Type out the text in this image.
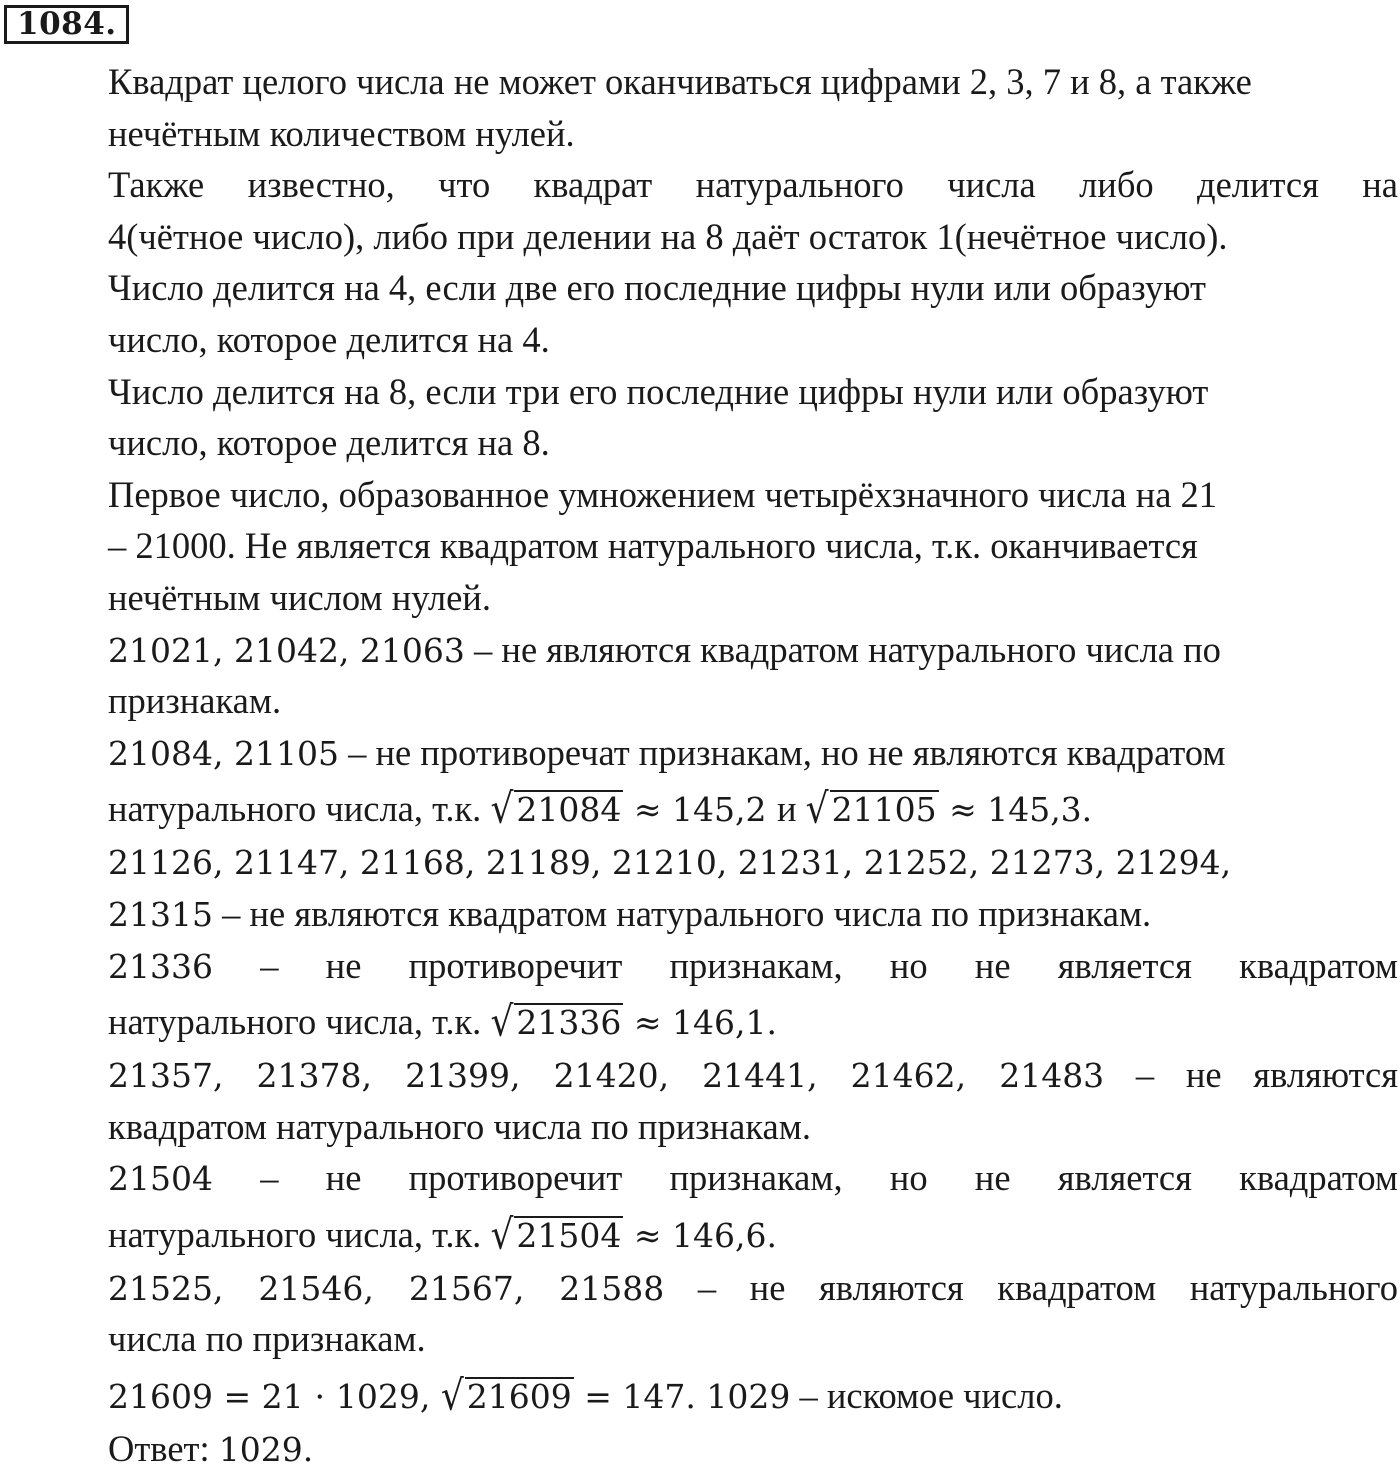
1084.
Квадрат целого числа не может оканчиваться цифрами 2, 3, 7 и 8, а также
нечётным количеством нулей.
Также известно, что квадрат натурального числа либо делится на
4(чётное число), либо при делении на 8 даёт остаток 1(нечётное число).
Число делится на 4, если две его последние цифры нули или образуют
число, которое делится на 4.
Число делится на 8, если три его последние цифры нули или образуют
число, которое делится на 8.
Первое число, образованное умножением четырёхзначного числа на 21
– 21000. Не является квадратом натурального числа, т.к. оканчивается
нечётным числом нулей.
21021, 21042, 21063 – не являются квадратом натурального числа по
признакам.
21084, 21105 – не противоречат признакам, но не являются квадратом
натурального числа, т.к. √21084 ≈ 145,2 и √21105 ≈ 145,3.
21126, 21147, 21168, 21189, 21210, 21231, 21252, 21273, 21294,
21315 – не являются квадратом натурального числа по признакам.
21336 – не противоречит признакам, но не является квадратом
натурального числа, т.к. √21336 ≈ 146,1.
21357, 21378, 21399, 21420, 21441, 21462, 21483 – не являются
квадратом натурального числа по признакам.
21504 – не противоречит признакам, но не является квадратом
натурального числа, т.к. √21504 ≈ 146,6.
21525, 21546, 21567, 21588 – не являются квадратом натурального
числа по признакам.
21609 = 21 ⋅ 1029, √21609 = 147. 1029 – искомое число.
Ответ: 1029.
